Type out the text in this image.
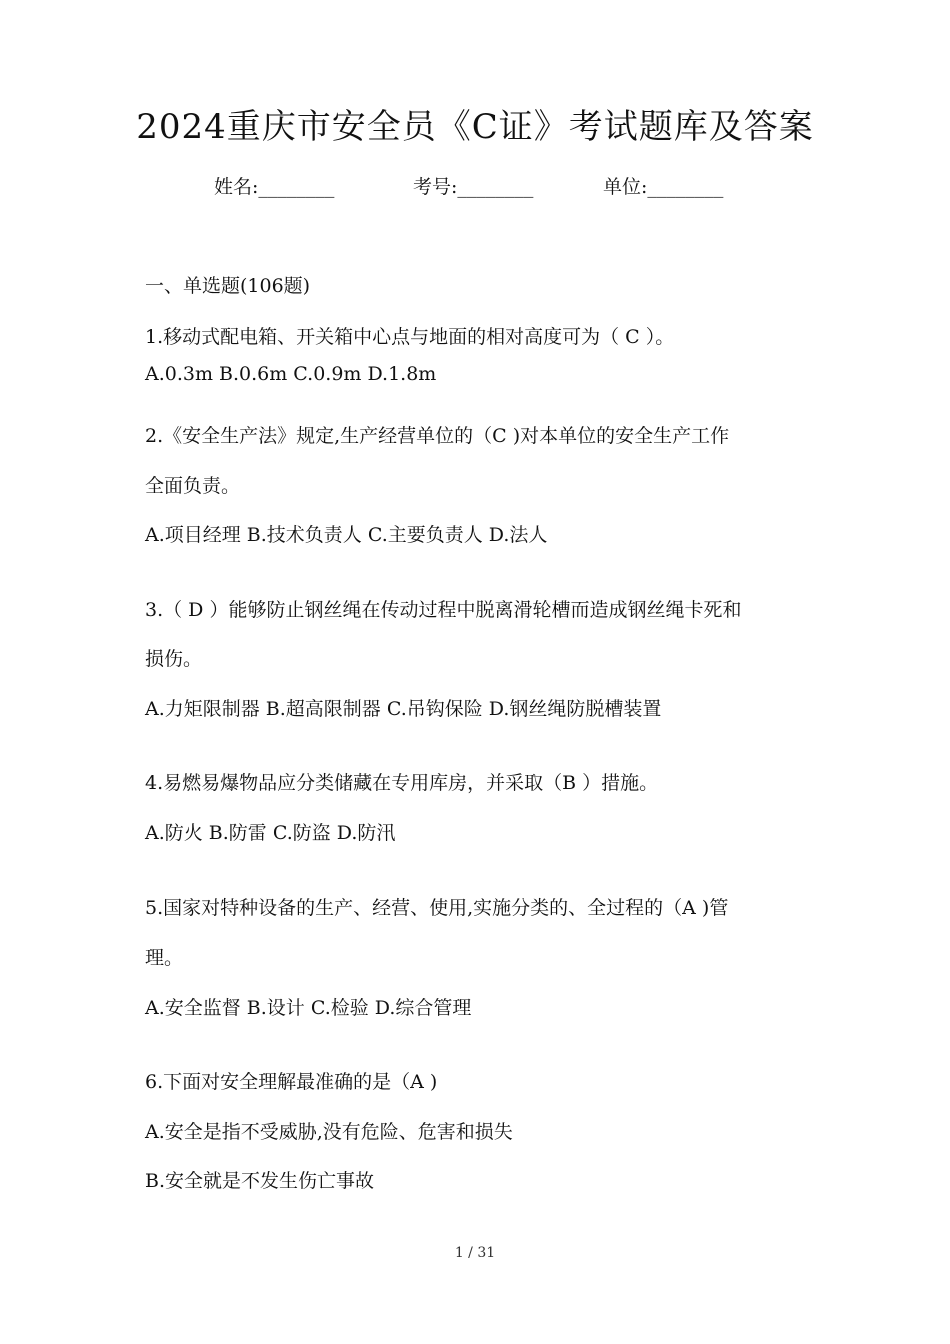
2024重庆市安全员《C证》考试题库及答案
姓名:________	考号:________	单位:________
一、单选题(106题)
1.移动式配电箱、开关箱中心点与地面的相对高度可为（ C ）。
A.0.3m B.0.6m C.0.9m D.1.8m
2.《安全生产法》规定,生产经营单位的（C )对本单位的安全生产工作
全面负责。
A.项目经理 B.技术负责人 C.主要负责人 D.法人
3.（ D ）能够防止钢丝绳在传动过程中脱离滑轮槽而造成钢丝绳卡死和
损伤。
A.力矩限制器 B.超高限制器 C.吊钩保险 D.钢丝绳防脱槽装置
4.易燃易爆物品应分类储藏在专用库房，并采取（B ）措施。
A.防火 B.防雷 C.防盗 D.防汛
5.国家对特种设备的生产、经营、使用,实施分类的、全过程的（A )管
理。
A.安全监督 B.设计 C.检验 D.综合管理
6.下面对安全理解最准确的是（A )
A.安全是指不受威胁,没有危险、危害和损失
B.安全就是不发生伤亡事故
1 / 31
